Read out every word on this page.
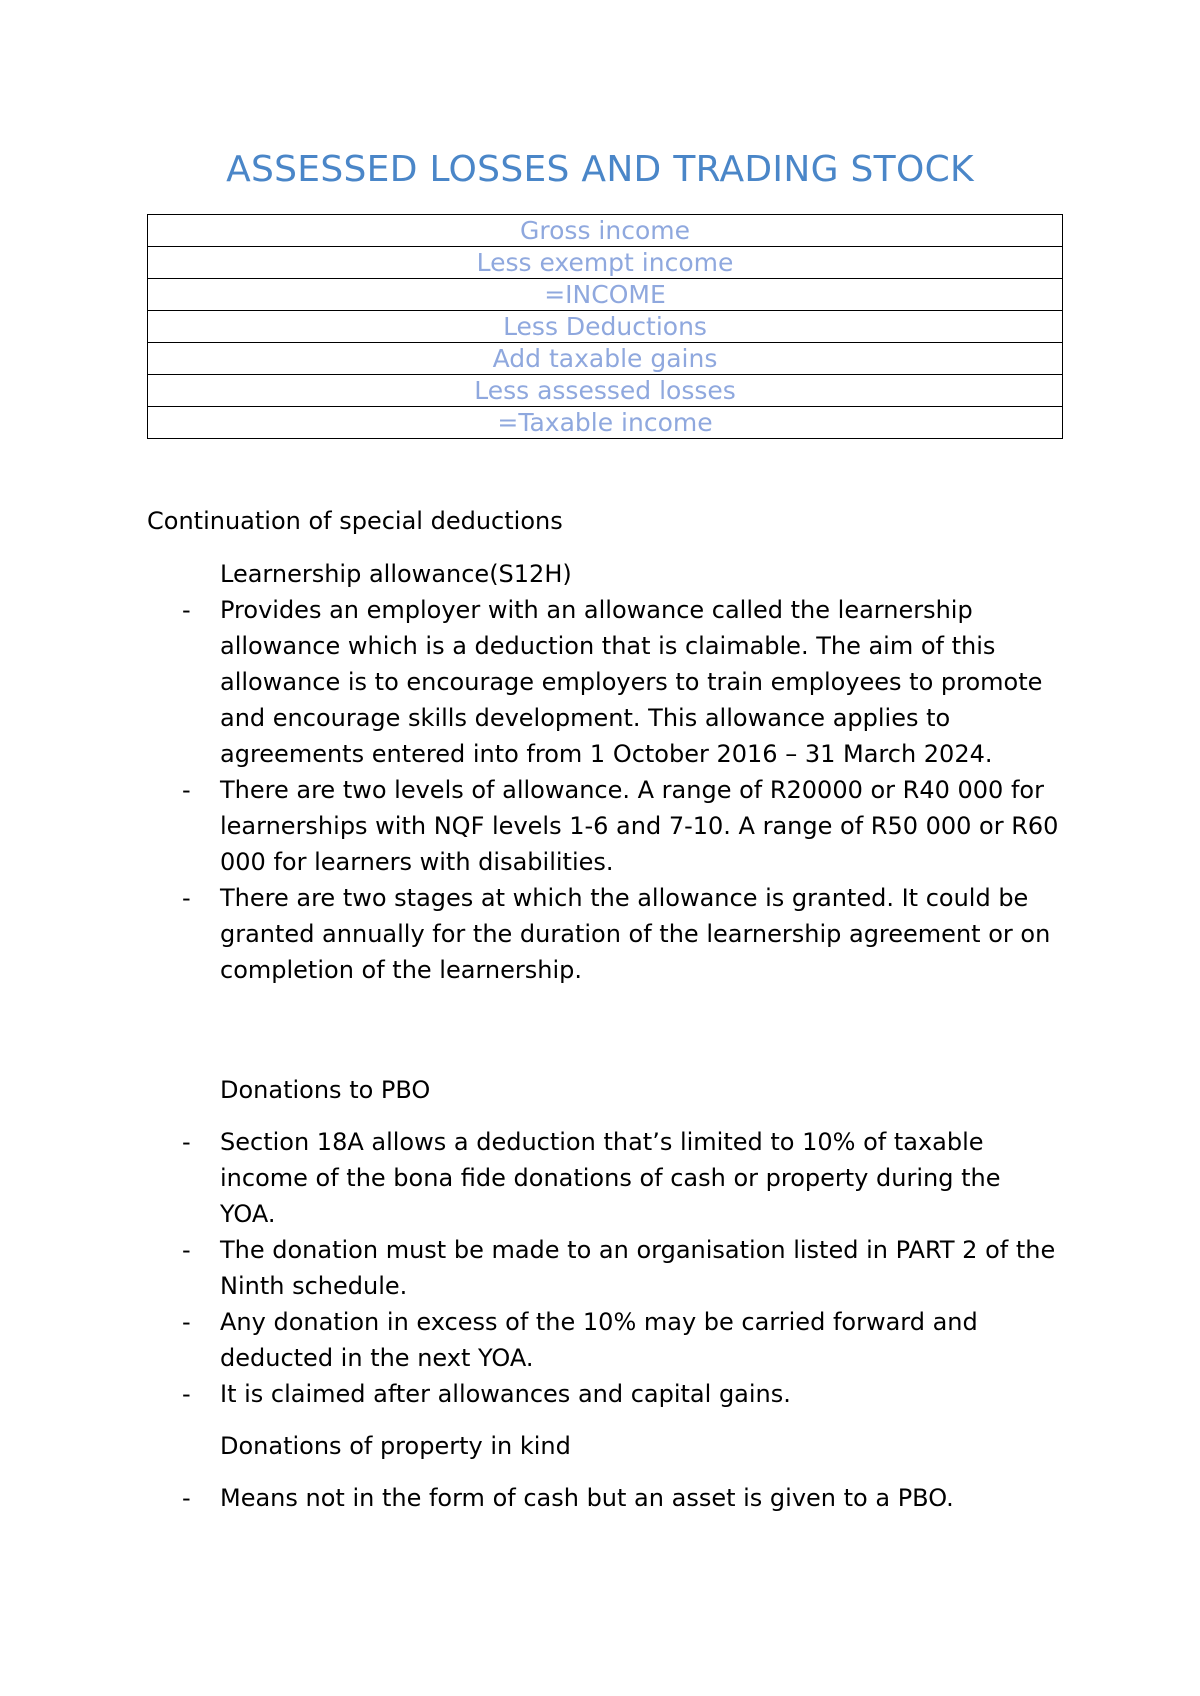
ASSESSED LOSSES AND TRADING STOCK
Gross income
Less exempt income
=INCOME
Less Deductions
Add taxable gains
Less assessed losses
=Taxable income
Continuation of special deductions
Learnership allowance(S12H)
- Provides an employer with an allowance called the learnership allowance which is a deduction that is claimable. The aim of this allowance is to encourage employers to train employees to promote and encourage skills development. This allowance applies to agreements entered into from 1 October 2016 – 31 March 2024.
- There are two levels of allowance. A range of R20000 or R40 000 for learnerships with NQF levels 1-6 and 7-10. A range of R50 000 or R60 000 for learners with disabilities.
- There are two stages at which the allowance is granted. It could be granted annually for the duration of the learnership agreement or on completion of the learnership.
Donations to PBO
- Section 18A allows a deduction that’s limited to 10% of taxable income of the bona fide donations of cash or property during the YOA.
- The donation must be made to an organisation listed in PART 2 of the Ninth schedule.
- Any donation in excess of the 10% may be carried forward and deducted in the next YOA.
- It is claimed after allowances and capital gains.
Donations of property in kind
- Means not in the form of cash but an asset is given to a PBO.
